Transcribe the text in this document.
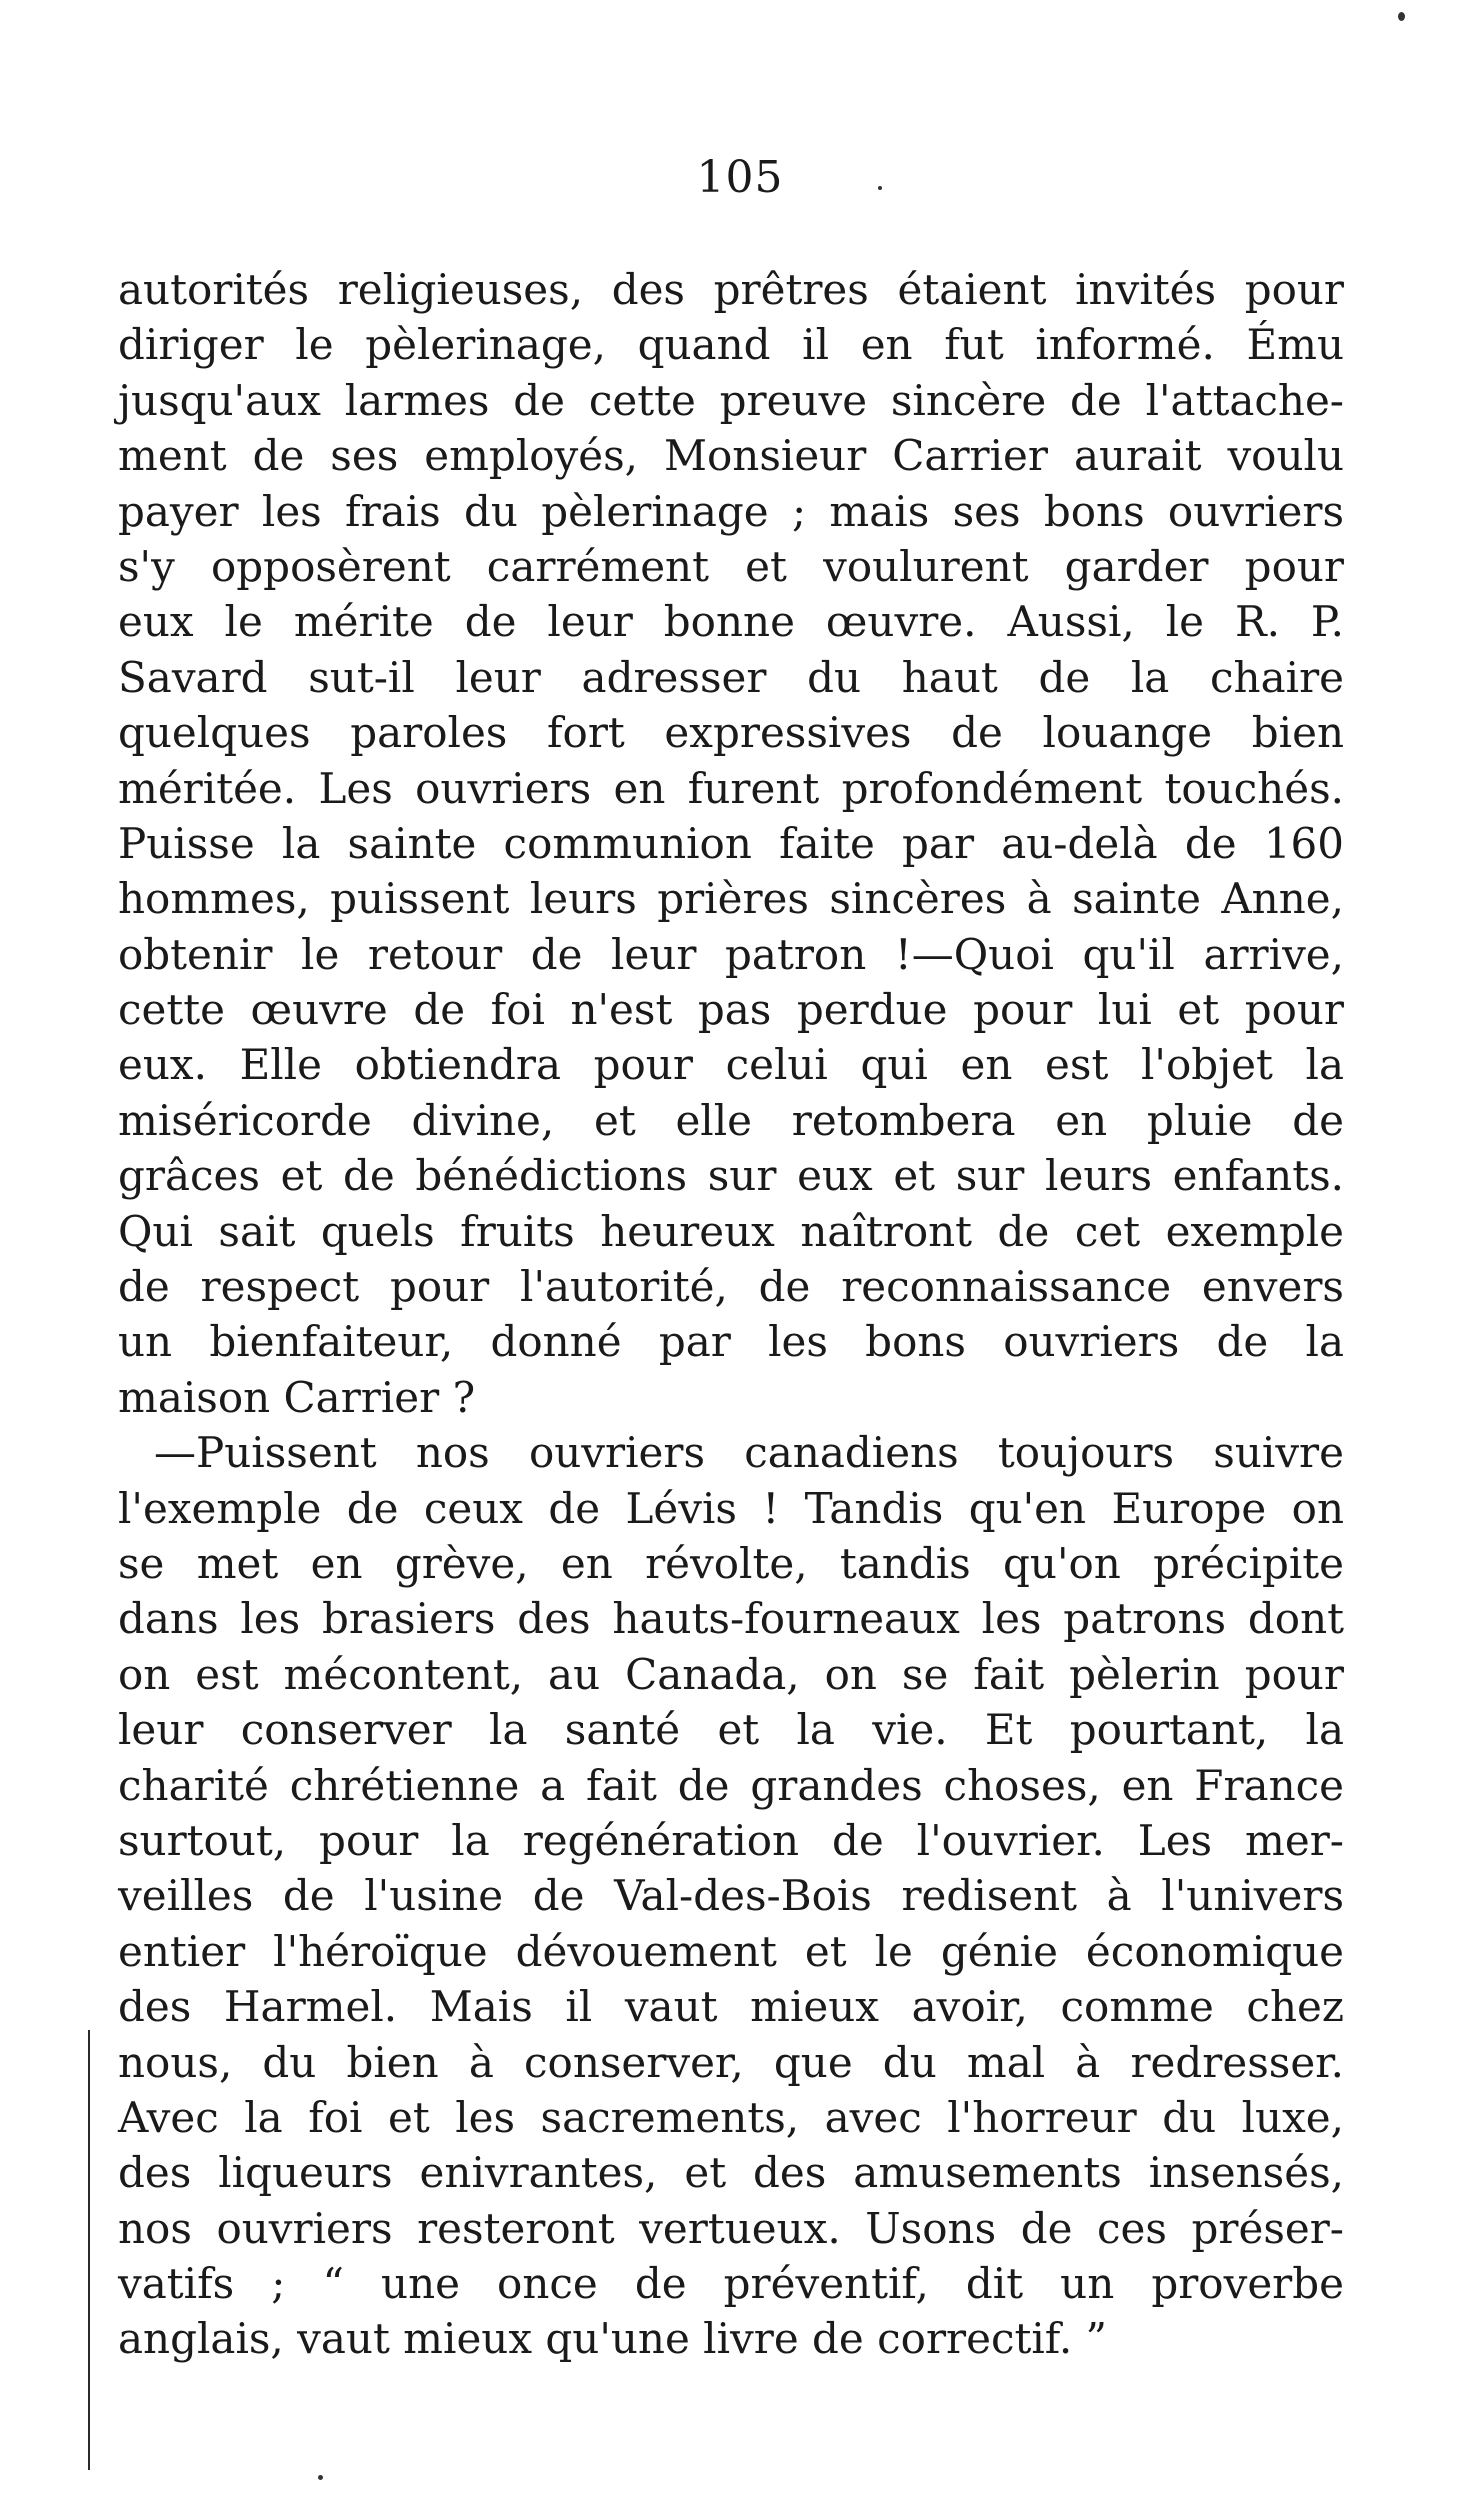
105
autorités religieuses, des prêtres étaient invités pour
diriger le pèlerinage, quand il en fut informé. Ému
jusqu'aux larmes de cette preuve sincère de l'attache-
ment de ses employés, Monsieur Carrier aurait voulu
payer les frais du pèlerinage ; mais ses bons ouvriers
s'y opposèrent carrément et voulurent garder pour
eux le mérite de leur bonne œuvre. Aussi, le R. P.
Savard sut-il leur adresser du haut de la chaire
quelques paroles fort expressives de louange bien
méritée. Les ouvriers en furent profondément touchés.
Puisse la sainte communion faite par au-delà de 160
hommes, puissent leurs prières sincères à sainte Anne,
obtenir le retour de leur patron !—Quoi qu'il arrive,
cette œuvre de foi n'est pas perdue pour lui et pour
eux. Elle obtiendra pour celui qui en est l'objet la
miséricorde divine, et elle retombera en pluie de
grâces et de bénédictions sur eux et sur leurs enfants.
Qui sait quels fruits heureux naîtront de cet exemple
de respect pour l'autorité, de reconnaissance envers
un bienfaiteur, donné par les bons ouvriers de la
maison Carrier ?
—Puissent nos ouvriers canadiens toujours suivre
l'exemple de ceux de Lévis ! Tandis qu'en Europe on
se met en grève, en révolte, tandis qu'on précipite
dans les brasiers des hauts-fourneaux les patrons dont
on est mécontent, au Canada, on se fait pèlerin pour
leur conserver la santé et la vie. Et pourtant, la
charité chrétienne a fait de grandes choses, en France
surtout, pour la regénération de l'ouvrier. Les mer-
veilles de l'usine de Val-des-Bois redisent à l'univers
entier l'héroïque dévouement et le génie économique
des Harmel. Mais il vaut mieux avoir, comme chez
nous, du bien à conserver, que du mal à redresser.
Avec la foi et les sacrements, avec l'horreur du luxe,
des liqueurs enivrantes, et des amusements insensés,
nos ouvriers resteront vertueux. Usons de ces préser-
vatifs ; “ une once de préventif, dit un proverbe
anglais, vaut mieux qu'une livre de correctif. ”
